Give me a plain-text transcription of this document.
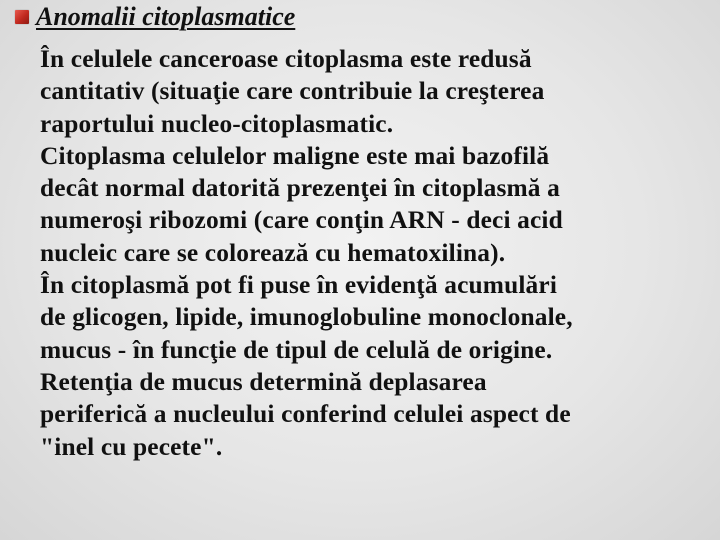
Anomalii citoplasmatice
În celulele canceroase citoplasma este redusă
cantitativ (situaţie care contribuie la creşterea
raportului nucleo-citoplasmatic.
Citoplasma celulelor maligne este mai bazofilă
decât normal datorită prezenţei în citoplasmă a
numeroşi ribozomi (care conţin ARN - deci acid
nucleic care se colorează cu hematoxilina).
În citoplasmă pot fi puse în evidenţă acumulări
de glicogen, lipide, imunoglobuline monoclonale,
mucus - în funcţie de tipul de celulă de origine.
Retenţia de mucus determină deplasarea
periferică a nucleului conferind celulei aspect de
"inel cu pecete".
